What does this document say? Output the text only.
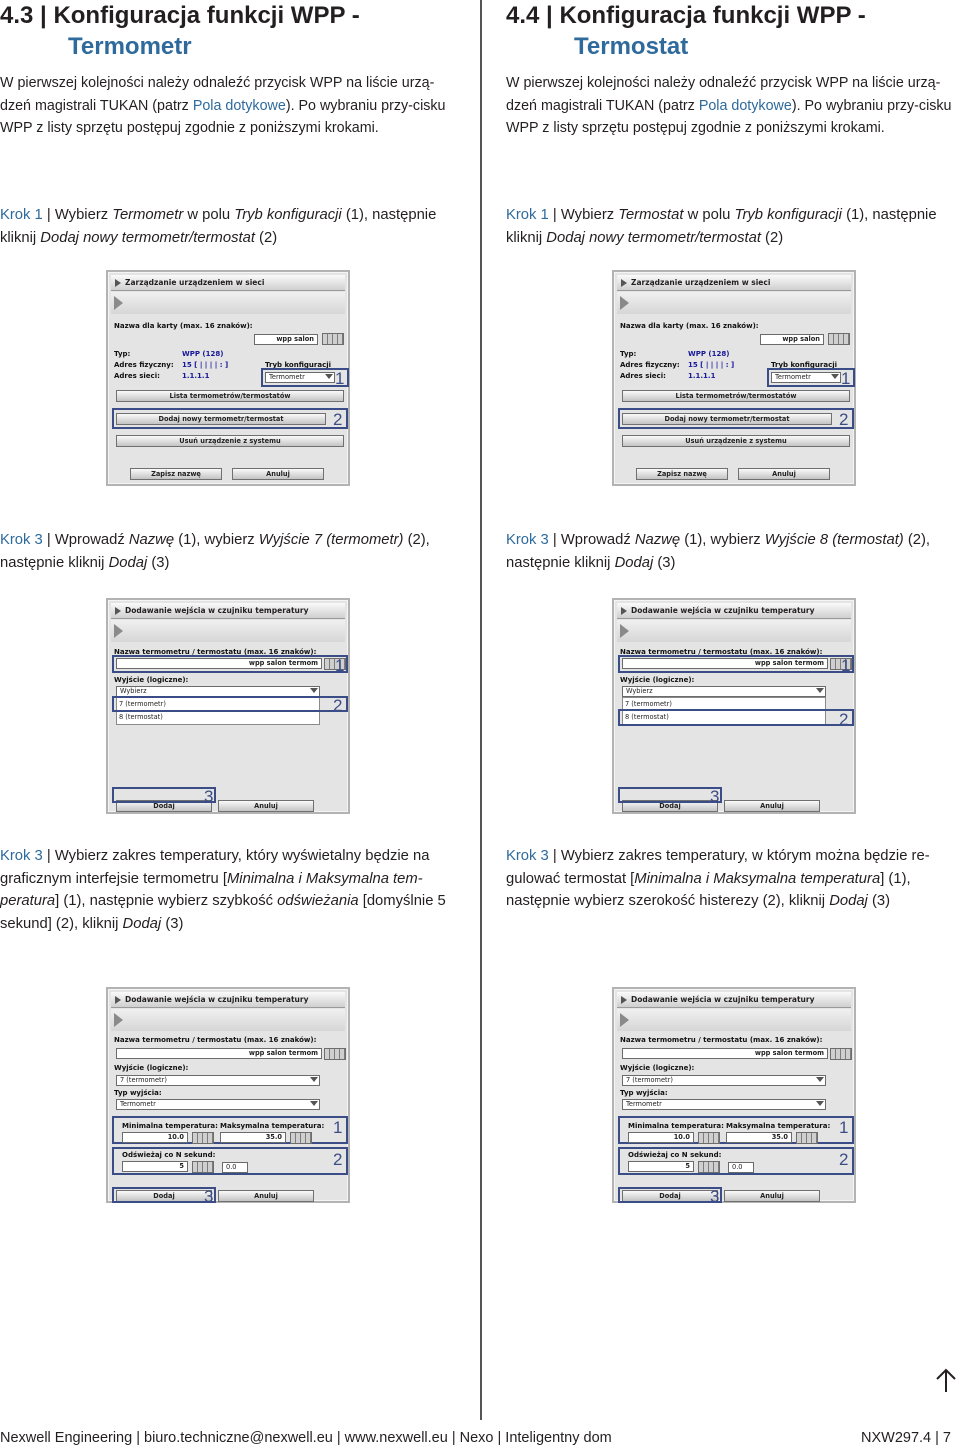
4.3 | Konfiguracja funkcji WPP -
Termometr

W pierwszej kolejności należy odnaleźć przycisk WPP na liście urzą-dzeń magistrali TUKAN (patrz Pola dotykowe). Po wybraniu przy-cisku WPP z listy sprzętu postępuj zgodnie z poniższymi krokami.

Krok 1 | Wybierz Termometr w polu Tryb konfiguracji (1), następnie kliknij Dodaj nowy termometr/termostat (2)

Zarządzanie urządzeniem w sieci
Nazwa dla karty (max. 16 znaków):
wpp salon
Typ:	WPP (128)
Adres fizyczny: 15 [ | | | | : ]
Adres sieci:	1.1.1.1
Tryb konfiguracji
Termometr	1
Lista termometrów/termostatów
Dodaj nowy termometr/termostat	2
Usuń urządzenie z systemu
Zapisz nazwę	Anuluj

Krok 3 | Wprowadź Nazwę (1), wybierz Wyjście 7 (termometr) (2), następnie kliknij Dodaj (3)

Dodawanie wejścia w czujniku temperatury
Nazwa termometru / termostatu (max. 16 znaków):
wpp salon termom 1
Wyjście (logiczne):
Wybierz
7 (termometr)
8 (termostat)
2
Dodaj	Anuluj
3

Krok 3 | Wybierz zakres temperatury, który wyświetalny będzie na graficznym interfejsie termometru [Minimalna i Maksymalna tem-peratura] (1), następnie wybierz szybkość odświeżania [domyślnie 5 sekund] (2), kliknij Dodaj (3)

Dodawanie wejścia w czujniku temperatury
Nazwa termometru / termostatu (max. 16 znaków):
wpp salon termom
Wyjście (logiczne):
7 (termometr)
Typ wyjścia:
Termometr
1
Minimalna temperatura: Maksymalna temperatura:
10.0	35.0
2
Odświeżaj co N sekund:
5	0.0
Dodaj	Anuluj
3
4.4 | Konfiguracja funkcji WPP -
Termostat

W pierwszej kolejności należy odnaleźć przycisk WPP na liście urzą-dzeń magistrali TUKAN (patrz Pola dotykowe). Po wybraniu przy-cisku WPP z listy sprzętu postępuj zgodnie z poniższymi krokami.

Krok 1 | Wybierz Termostat w polu Tryb konfiguracji (1), następnie kliknij Dodaj nowy termometr/termostat (2)

Zarządzanie urządzeniem w sieci
Nazwa dla karty (max. 16 znaków):
wpp salon
Typ:	WPP (128)
Adres fizyczny: 15 [ | | | | : ]
Adres sieci:	1.1.1.1
Tryb konfiguracji
Termometr	1
Lista termometrów/termostatów
Dodaj nowy termometr/termostat	2
Usuń urządzenie z systemu
Zapisz nazwę	Anuluj

Krok 3 | Wprowadź Nazwę (1), wybierz Wyjście 8 (termostat) (2), następnie kliknij Dodaj (3)

Dodawanie wejścia w czujniku temperatury
Nazwa termometru / termostatu (max. 16 znaków):
wpp salon termom 1
Wyjście (logiczne):
Wybierz
7 (termometr)
8 (termostat)	2
Dodaj	Anuluj
3

Krok 3 | Wybierz zakres temperatury, w którym można będzie re-gulować termostat [Minimalna i Maksymalna temperatura] (1), następnie wybierz szerokość histerezy (2), kliknij Dodaj (3)

Dodawanie wejścia w czujniku temperatury
Nazwa termometru / termostatu (max. 16 znaków):
wpp salon termom
Wyjście (logiczne):
7 (termometr)
Typ wyjścia:
Termometr
1
Minimalna temperatura: Maksymalna temperatura:
10.0	35.0
2
Odświeżaj co N sekund:
5	0.0
Dodaj	Anuluj
3
Nexwell Engineering | biuro.techniczne@nexwell.eu | www.nexwell.eu | Nexo | Inteligentny dom	NXW297.4 | 7
